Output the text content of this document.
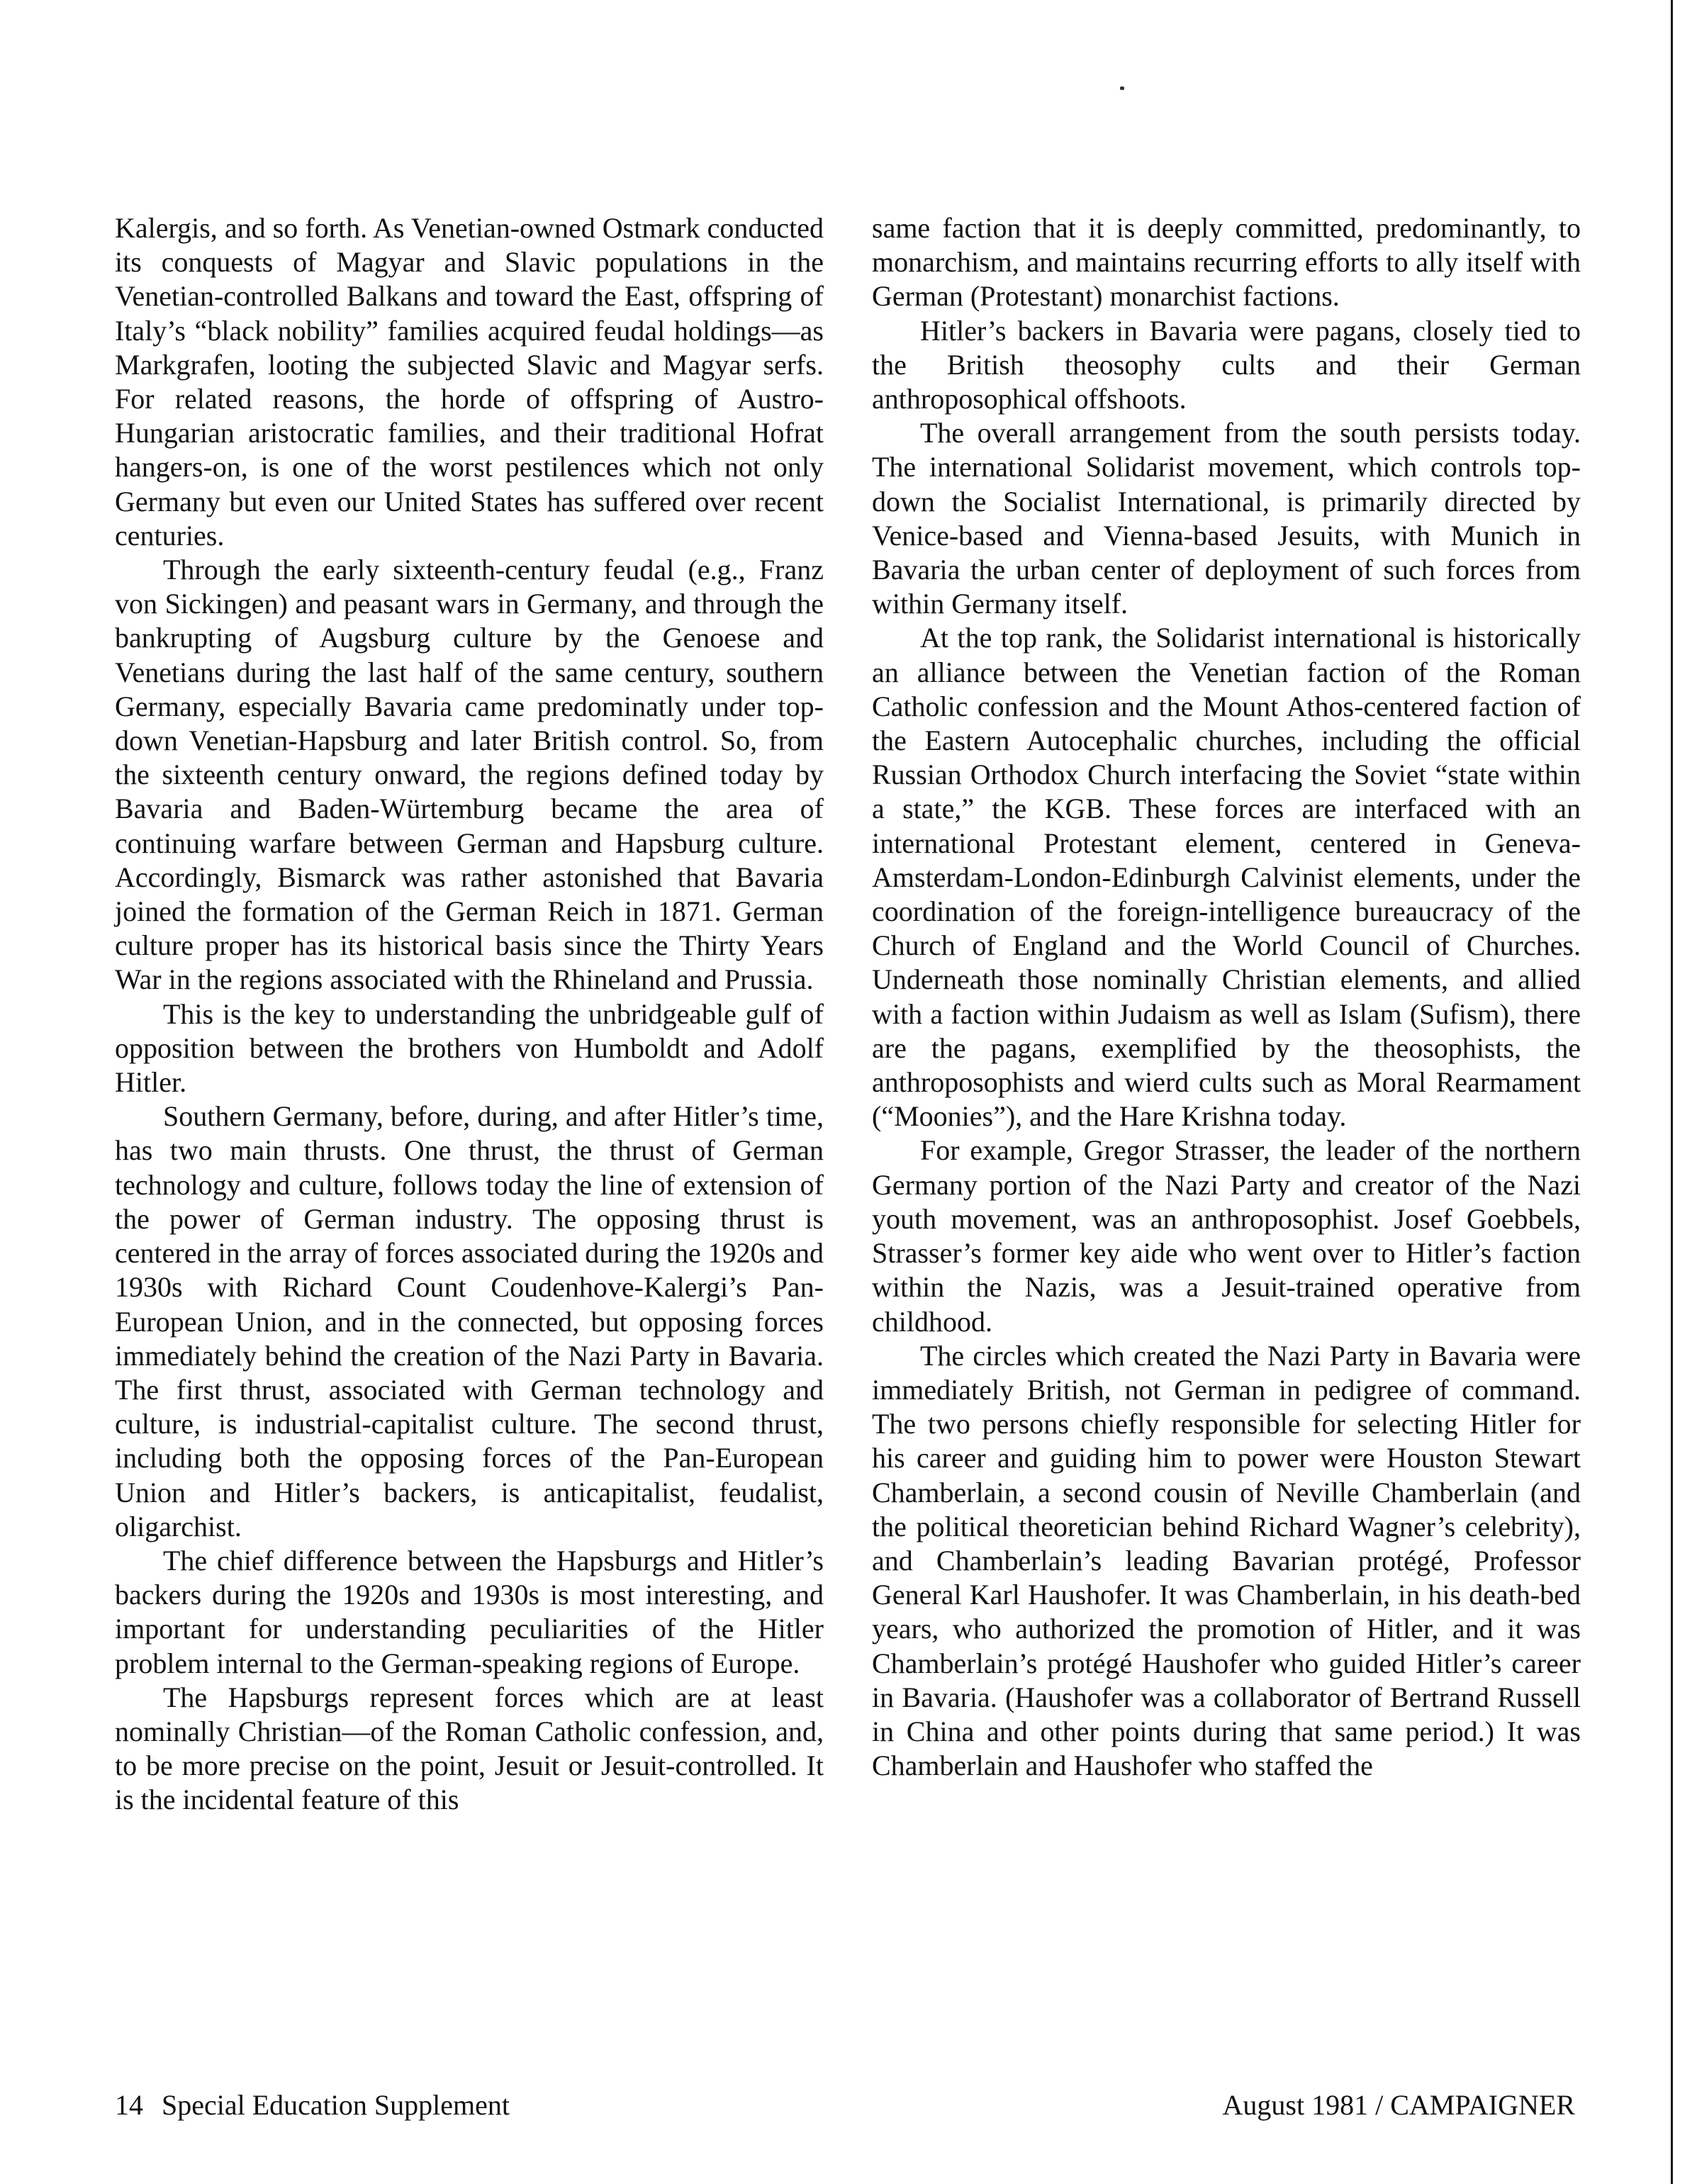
Kalergis, and so forth. As Venetian-owned Ostmark conducted its conquests of Magyar and Slavic populations in the Venetian-controlled Balkans and toward the East, offspring of Italy’s “black nobility” families acquired feudal holdings—as Markgrafen, looting the subjected Slavic and Magyar serfs. For related reasons, the horde of offspring of Austro-Hungarian aristocratic families, and their traditional Hofrat hangers-on, is one of the worst pestilences which not only Germany but even our United States has suffered over recent centuries.

Through the early sixteenth-century feudal (e.g., Franz von Sickingen) and peasant wars in Germany, and through the bankrupting of Augsburg culture by the Genoese and Venetians during the last half of the same century, southern Germany, especially Bavaria came predominatly under top-down Venetian-Hapsburg and later British control. So, from the sixteenth century onward, the regions defined today by Bavaria and Baden-Würtemburg became the area of continuing warfare between German and Hapsburg culture. Accordingly, Bismarck was rather astonished that Bavaria joined the formation of the German Reich in 1871. German culture proper has its historical basis since the Thirty Years War in the regions associated with the Rhineland and Prussia.

This is the key to understanding the unbridgeable gulf of opposition between the brothers von Humboldt and Adolf Hitler.

Southern Germany, before, during, and after Hitler’s time, has two main thrusts. One thrust, the thrust of German technology and culture, follows today the line of extension of the power of German industry. The opposing thrust is centered in the array of forces associated during the 1920s and 1930s with Richard Count Coudenhove-Kalergi’s Pan-European Union, and in the connected, but opposing forces immediately behind the creation of the Nazi Party in Bavaria. The first thrust, associated with German technology and culture, is industrial-capitalist culture. The second thrust, including both the opposing forces of the Pan-European Union and Hitler’s backers, is anticapitalist, feudalist, oligarchist.

The chief difference between the Hapsburgs and Hitler’s backers during the 1920s and 1930s is most interesting, and important for understanding peculiarities of the Hitler problem internal to the German-speaking regions of Europe.

The Hapsburgs represent forces which are at least nominally Christian—of the Roman Catholic confession, and, to be more precise on the point, Jesuit or Jesuit-controlled. It is the incidental feature of this

same faction that it is deeply committed, predominantly, to monarchism, and maintains recurring efforts to ally itself with German (Protestant) monarchist factions.

Hitler’s backers in Bavaria were pagans, closely tied to the British theosophy cults and their German anthroposophical offshoots.

The overall arrangement from the south persists today. The international Solidarist movement, which controls top-down the Socialist International, is primarily directed by Venice-based and Vienna-based Jesuits, with Munich in Bavaria the urban center of deployment of such forces from within Germany itself.

At the top rank, the Solidarist international is historically an alliance between the Venetian faction of the Roman Catholic confession and the Mount Athos-centered faction of the Eastern Autocephalic churches, including the official Russian Orthodox Church interfacing the Soviet “state within a state,” the KGB. These forces are interfaced with an international Protestant element, centered in Geneva-Amsterdam-London-Edinburgh Calvinist elements, under the coordination of the foreign-intelligence bureaucracy of the Church of England and the World Council of Churches. Underneath those nominally Christian elements, and allied with a faction within Judaism as well as Islam (Sufism), there are the pagans, exemplified by the theosophists, the anthroposophists and wierd cults such as Moral Rearmament (“Moonies”), and the Hare Krishna today.

For example, Gregor Strasser, the leader of the northern Germany portion of the Nazi Party and creator of the Nazi youth movement, was an anthroposophist. Josef Goebbels, Strasser’s former key aide who went over to Hitler’s faction within the Nazis, was a Jesuit-trained operative from childhood.

The circles which created the Nazi Party in Bavaria were immediately British, not German in pedigree of command. The two persons chiefly responsible for selecting Hitler for his career and guiding him to power were Houston Stewart Chamberlain, a second cousin of Neville Chamberlain (and the political theoretician behind Richard Wagner’s celebrity), and Chamberlain’s leading Bavarian protégé, Professor General Karl Haushofer. It was Chamberlain, in his death-bed years, who authorized the promotion of Hitler, and it was Chamberlain’s protégé Haushofer who guided Hitler’s career in Bavaria. (Haushofer was a collaborator of Bertrand Russell in China and other points during that same period.) It was Chamberlain and Haushofer who staffed the

14 Special Education Supplement	August 1981 / CAMPAIGNER
